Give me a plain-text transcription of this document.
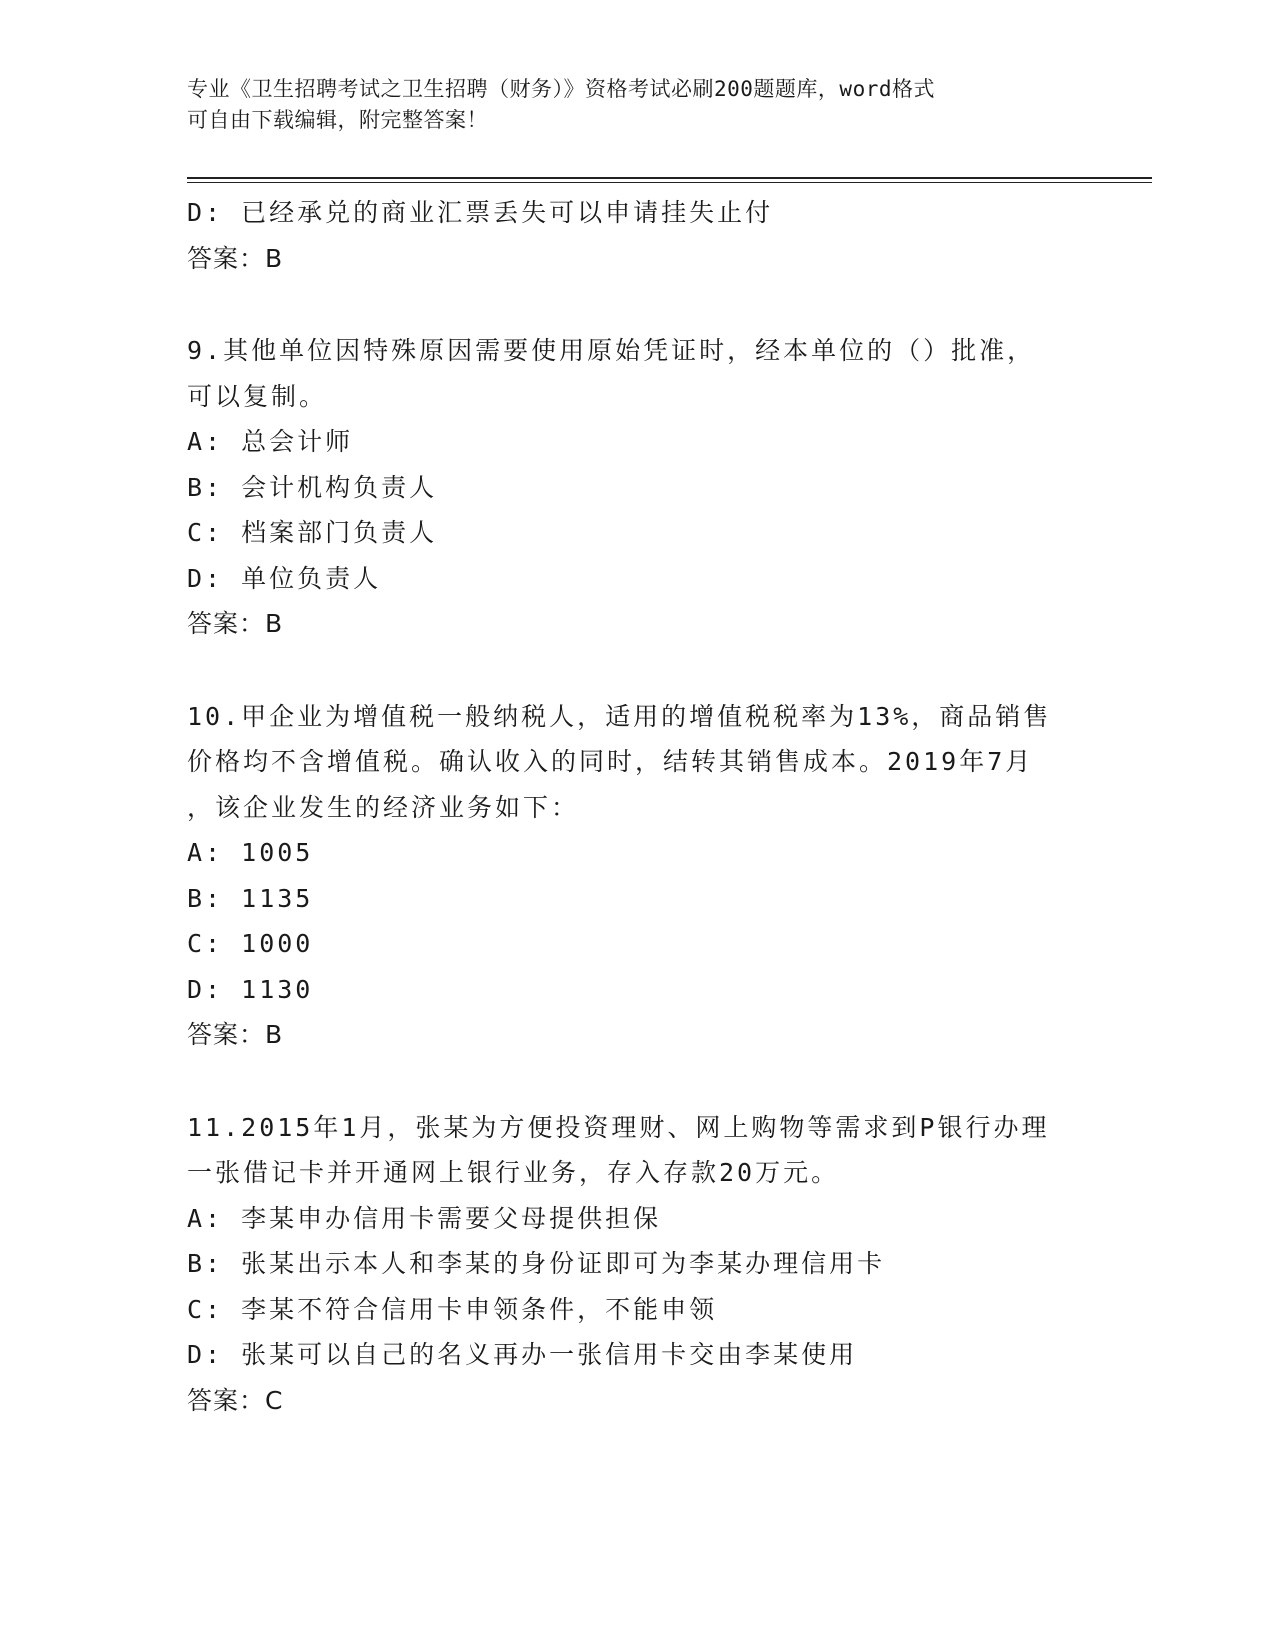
专业《卫生招聘考试之卫生招聘（财务）》资格考试必刷200题题库，word格式
可自由下载编辑，附完整答案！
D: 已经承兑的商业汇票丢失可以申请挂失止付
答案：B
9.其他单位因特殊原因需要使用原始凭证时，经本单位的（）批准，
可以复制。
A: 总会计师
B: 会计机构负责人
C: 档案部门负责人
D: 单位负责人
答案：B
10.甲企业为增值税一般纳税人，适用的增值税税率为13%，商品销售
价格均不含增值税。确认收入的同时，结转其销售成本。2019年7月
，该企业发生的经济业务如下：
A: 1005
B: 1135
C: 1000
D: 1130
答案：B
11.2015年1月，张某为方便投资理财、网上购物等需求到P银行办理
一张借记卡并开通网上银行业务，存入存款20万元。
A: 李某申办信用卡需要父母提供担保
B: 张某出示本人和李某的身份证即可为李某办理信用卡
C: 李某不符合信用卡申领条件，不能申领
D: 张某可以自己的名义再办一张信用卡交由李某使用
答案：C
